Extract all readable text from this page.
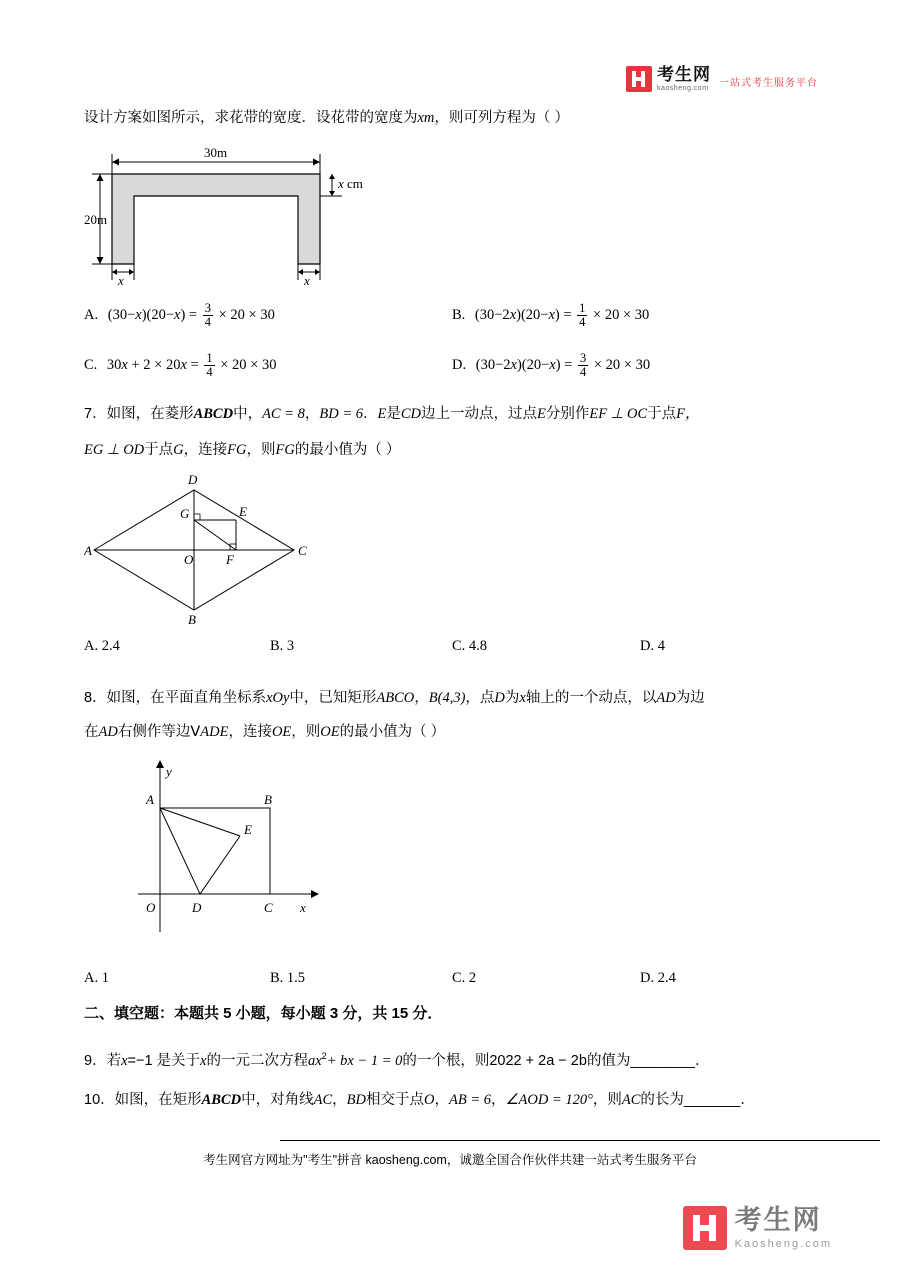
考生网
kaosheng.com 一站式考生服务平台
设计方案如图所示，求花带的宽度．设花带的宽度为xm，则可列方程为（ ）
30m
20m
x cm
x	x
A. $(30-x)(20-x) = \frac{3}{4} \times 20 \times 30$	B. $(30-2x)(20-x) = \frac{1}{4} \times 20 \times 30$
C. $30x + 2 \times 20x = \frac{1}{4} \times 20 \times 30$	D. $(30-2x)(20-x) = \frac{3}{4} \times 20 \times 30$
7．如图，在菱形ABCD中，AC = 8，BD = 6．E是CD边上一动点，过点E分别作EF ⊥ OC于点F，
EG ⊥ OD于点G，连接FG，则FG的最小值为（ ）
D
E
G
A
O	F
C
B
A. 2.4	B. 3	C. 4.8	D. 4
8．如图，在平面直角坐标系xOy中，已知矩形ABCO，B(4,3)，点D为x轴上的一个动点，以AD为边
在AD右侧作等边ⅤADE，连接OE，则OE的最小值为（ ）
y
A	B
E
O	D	C x
A. 1	B. 1.5	C. 2	D. 2.4
二、填空题：本题共 5 小题，每小题 3 分，共 15 分．
9．若x=−1 是关于x的一元二次方程$ax^2+$ bx − 1 = 0的一个根，则2022 + 2a − 2b的值为________．
10．如图，在矩形ABCD中，对角线AC，BD相交于点O，AB = 6，∠AOD = 120°，则AC的长为_______．
考生网官方网址为"考生"拼音 kaosheng.com，诚邀全国合作伙伴共建一站式考生服务平台
考生网
Kaosheng.com
